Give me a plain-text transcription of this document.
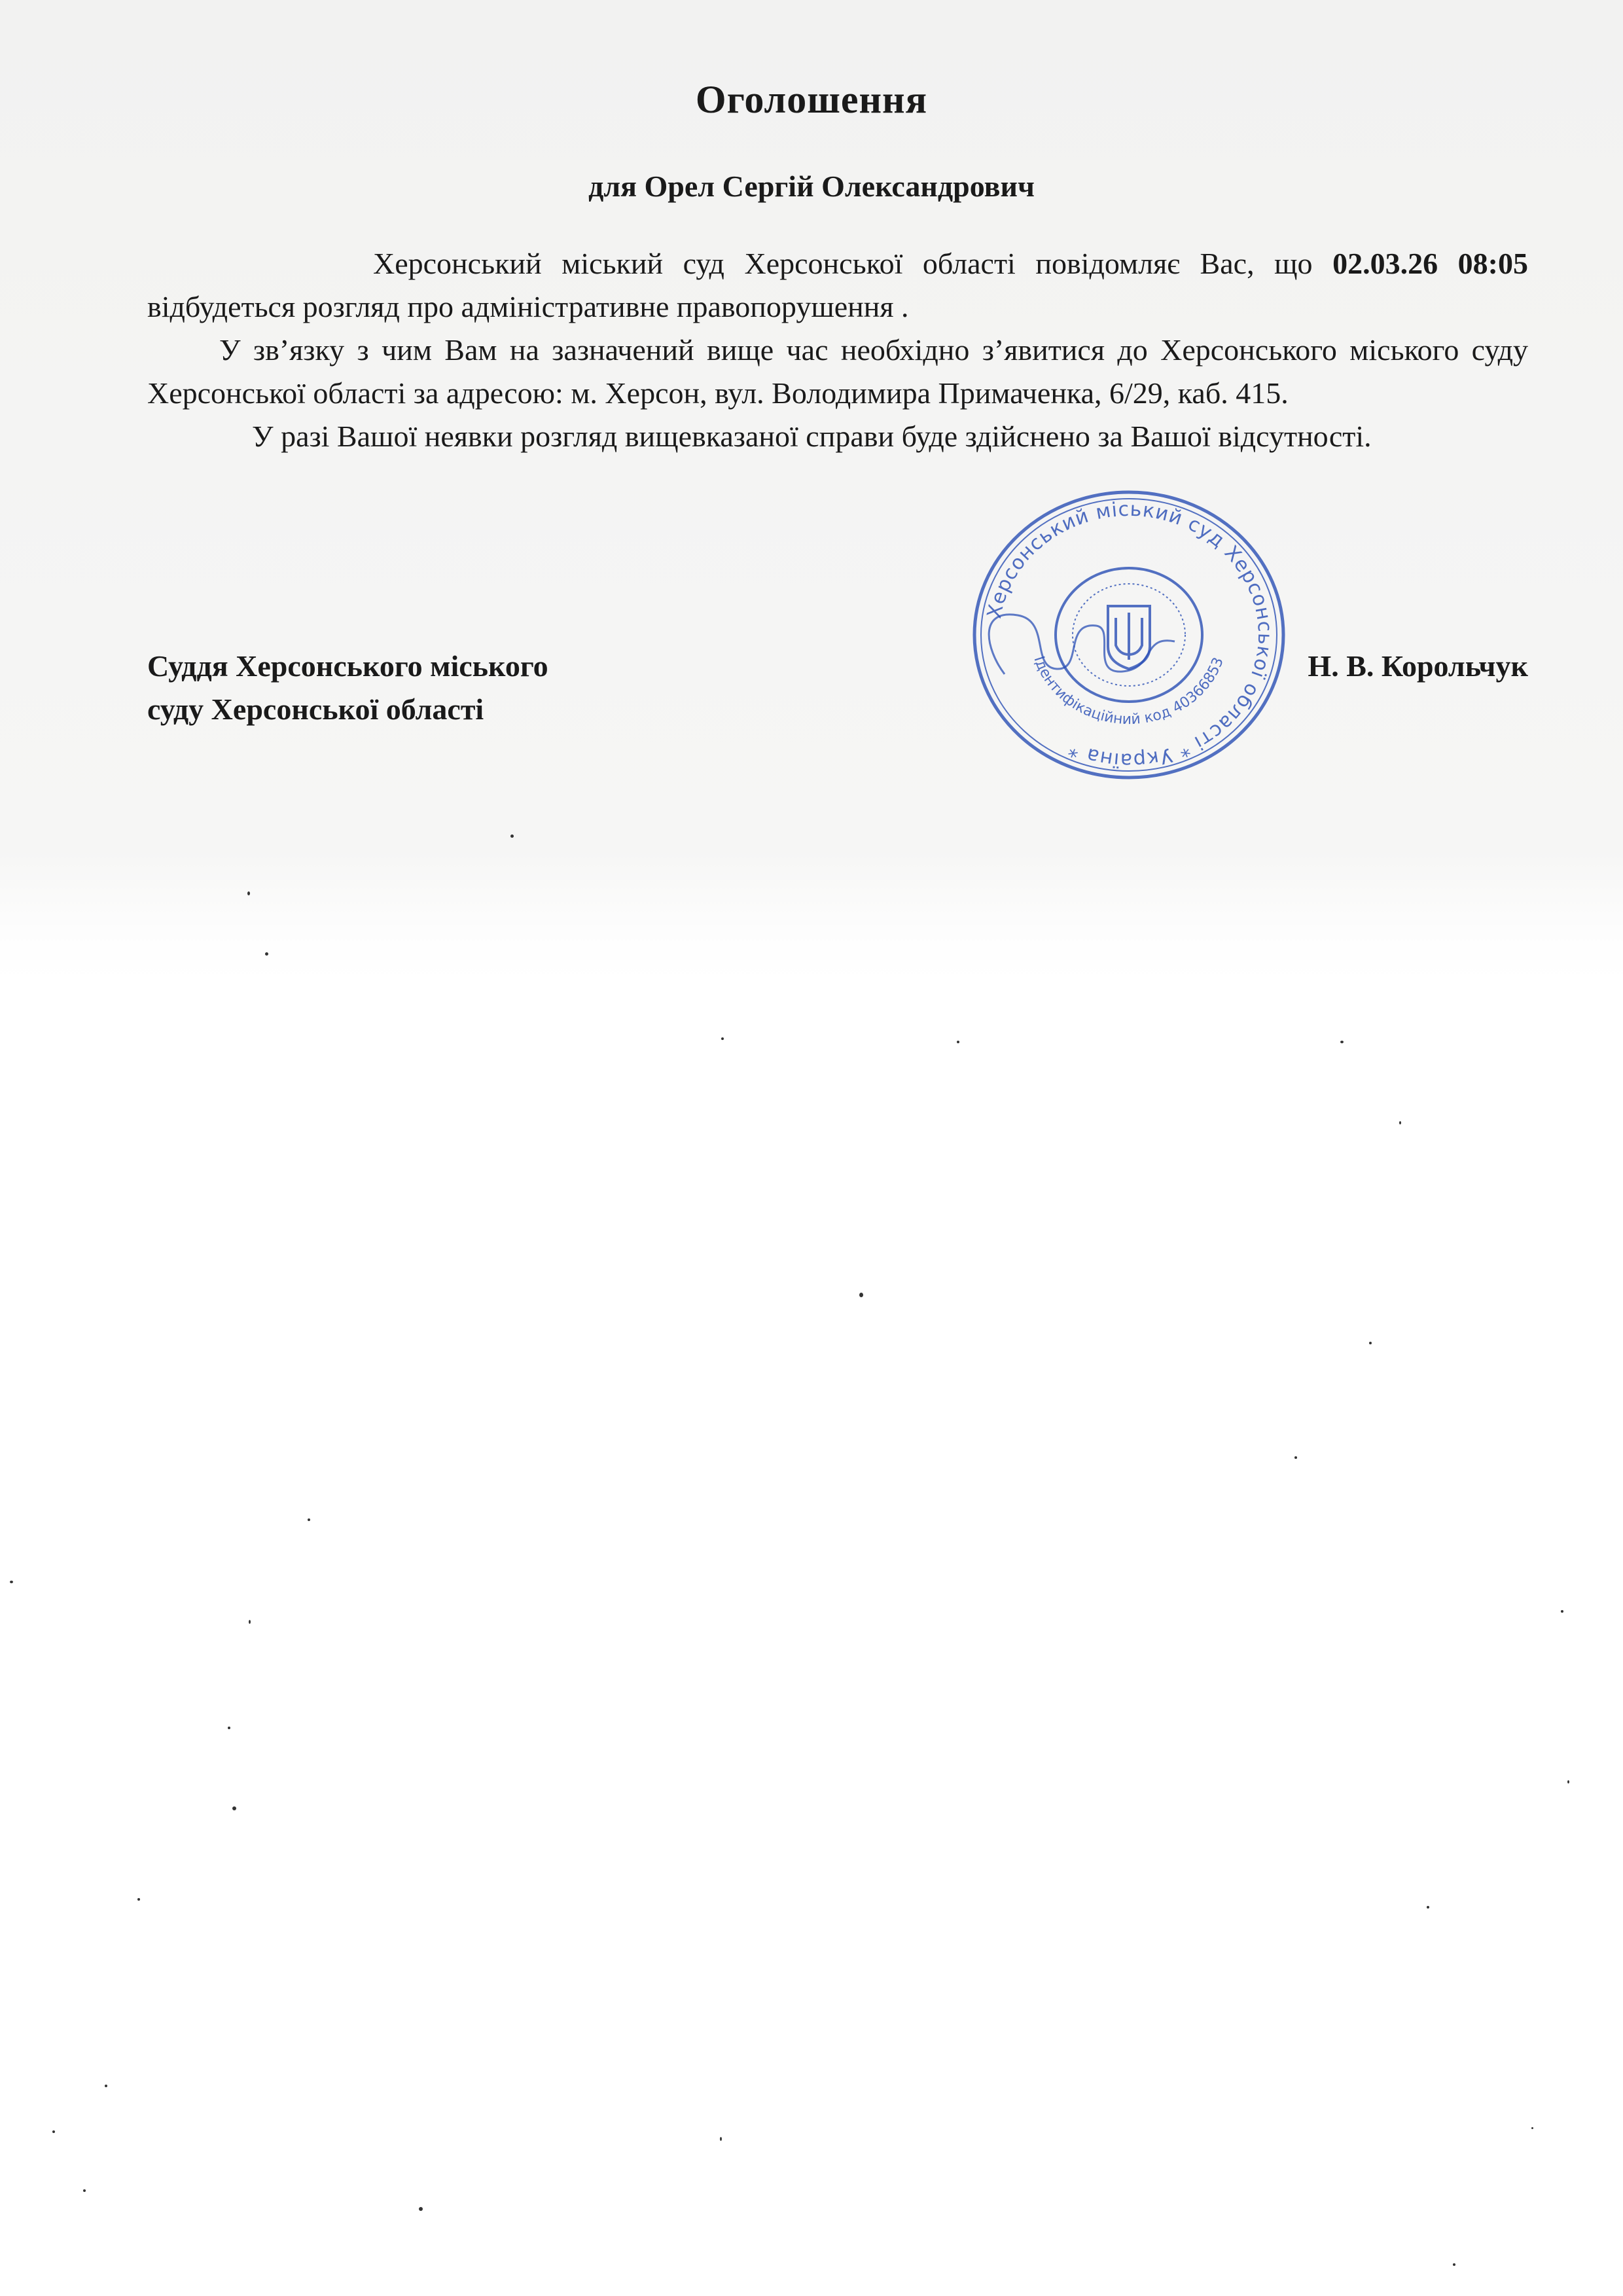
Оголошення
для Орел Сергій Олександрович

Херсонський міський суд Херсонської області повідомляє Вас, що 02.03.26 08:05 відбудеться розгляд про адміністративне правопорушення .

У зв’язку з чим Вам на зазначений вище час необхідно з’явитися до Херсонського міського суду Херсонської області за адресою: м. Херсон, вул. Володимира Примаченка, 6/29, каб. 415.

У разі Вашої неявки розгляд вищевказаної справи буде здійснено за Вашої відсутності.

Суддя Херсонського міського
суду Херсонської області
Н. В. Корольчук
Херсонський міський суд Херсонської області * Україна *
Ідентифікаційний код 40366853
